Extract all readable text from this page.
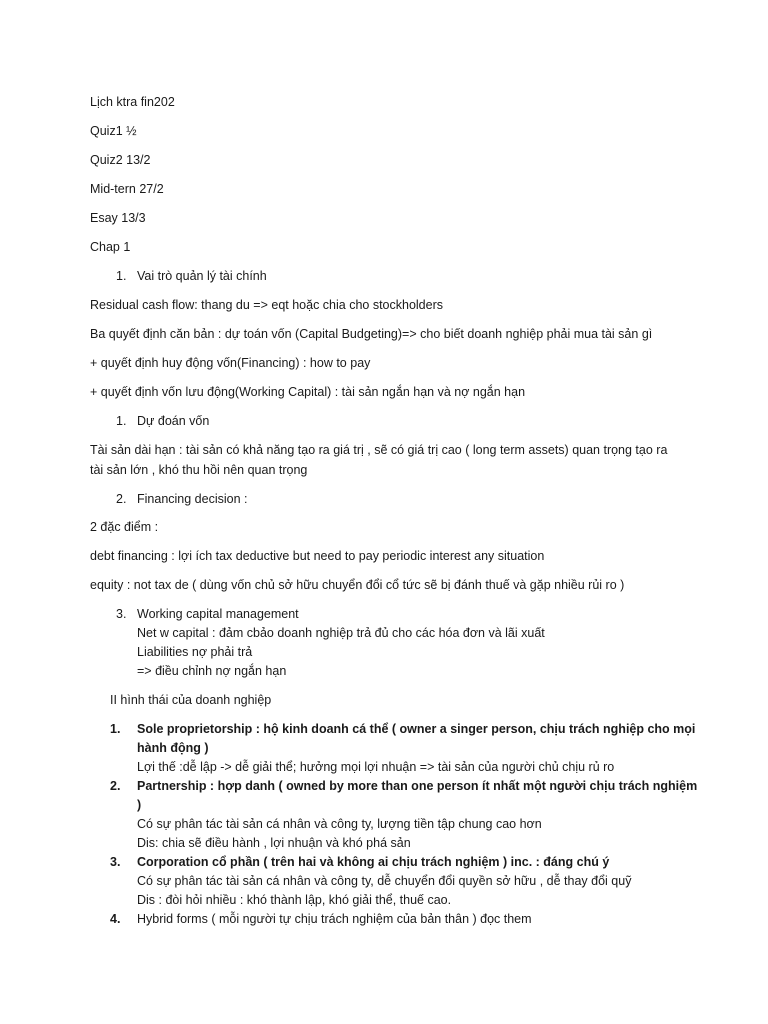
Lịch ktra fin202
Quiz1 ½
Quiz2 13/2
Mid-tern 27/2
Esay 13/3
Chap 1
1. Vai trò quản lý tài chính
Residual cash flow: thang du => eqt hoặc chia cho stockholders
Ba quyết định căn bản : dự toán vốn (Capital Budgeting)=> cho biết doanh nghiệp phải mua tài sản gì
+ quyết định huy động vốn(Financing) : how to pay
+ quyết định vốn lưu động(Working Capital) : tài sản ngắn hạn và nợ ngắn hạn
1. Dự đoán vốn
Tài sản dài hạn : tài sản có khả năng tạo ra giá trị , sẽ có giá trị cao ( long term assets) quan trọng tạo ra
tài sản lớn , khó thu hồi nên quan trọng
2. Financing decision :
2 đặc điểm :
debt financing : lợi ích tax deductive but need to pay periodic interest any situation
equity : not tax de ( dùng vốn chủ sở hữu chuyển đổi cổ tức sẽ bị đánh thuế và gặp nhiều rủi ro )
3. Working capital management
Net w capital : đảm cbảo doanh nghiệp trả đủ cho các hóa đơn và lãi xuất
Liabilities nợ phải trả
=> điều chỉnh nợ ngắn hạn
II hình thái của doanh nghiệp
1. Sole proprietorship : hộ kinh doanh cá thể ( owner a singer person, chịu trách nghiệp cho mọi
hành động )
Lợi thế :dễ lập -> dễ giải thể; hưởng mọi lợi nhuận => tài sản của người chủ chịu rủ ro
2. Partnership : hợp danh ( owned by more than one person ít nhất một người chịu trách nghiệm
)
Có sự phân tác tài sản cá nhân và công ty, lượng tiền tập chung cao hơn
Dis: chia sẽ điều hành , lợi nhuận và khó phá sản
3. Corporation cổ phần ( trên hai và không ai chịu trách nghiệm ) inc. : đáng chú ý
Có sự phân tác tài sản cá nhân và công ty, dễ chuyển đổi quyền sở hữu , dễ thay đổi quỹ
Dis : đòi hỏi nhiều : khó thành lập, khó giải thể, thuế cao.
4. Hybrid forms ( mỗi người tự chịu trách nghiệm của bản thân ) đọc them
